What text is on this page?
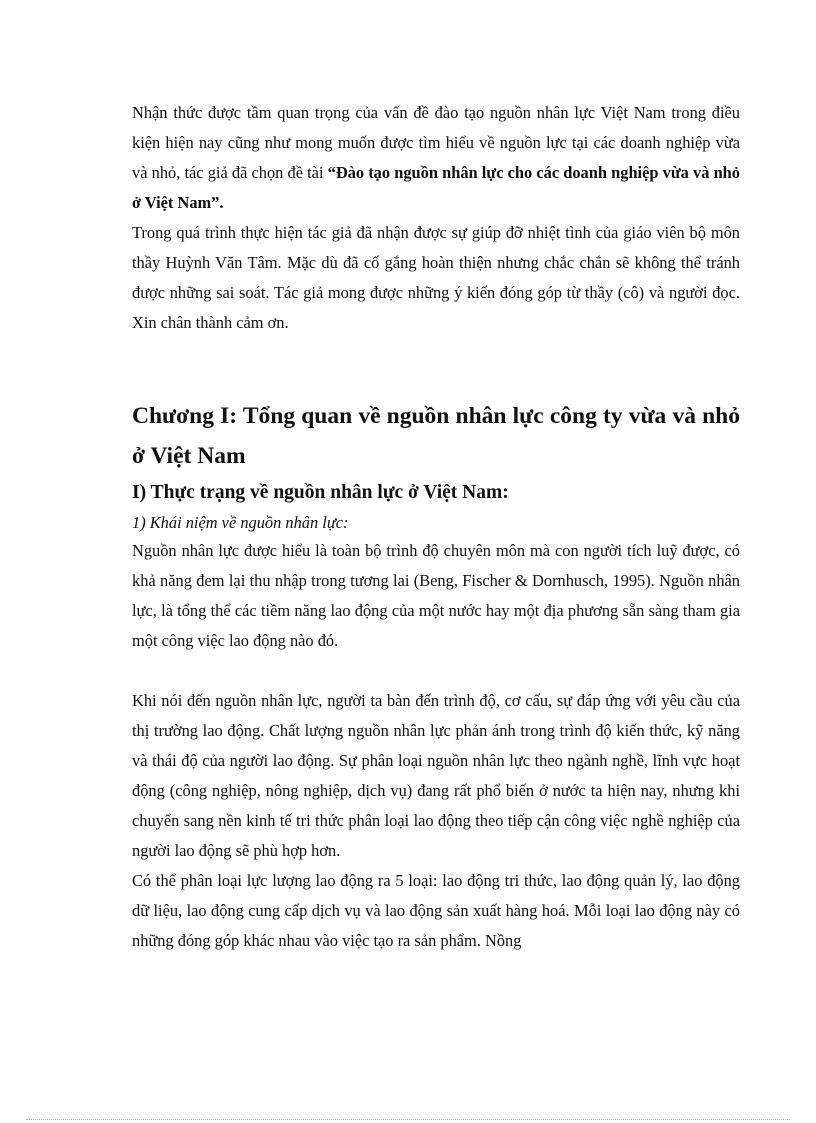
Nhận thức được tầm quan trọng của vấn đề đào tạo nguồn nhân lực Việt Nam trong điều kiện hiện nay cũng như mong muốn được tìm hiểu về nguồn lực tại các doanh nghiệp vừa và nhỏ, tác giả đã chọn đề tài “Đào tạo nguồn nhân lực cho các doanh nghiệp vừa và nhỏ ở Việt Nam”.

Trong quá trình thực hiện tác giả đã nhận được sự giúp đỡ nhiệt tình của giáo viên bộ môn thầy Huỳnh Văn Tâm. Mặc dù đã cố gắng hoàn thiện nhưng chắc chắn sẽ không thể tránh được những sai soát. Tác giả mong được những ý kiến đóng góp từ thầy (cô) và người đọc. Xin chân thành cảm ơn.

Chương I: Tổng quan về nguồn nhân lực công ty vừa và nhỏ ở Việt Nam
I) Thực trạng về nguồn nhân lực ở Việt Nam:
1) Khái niệm về nguồn nhân lực:

Nguồn nhân lực được hiểu là toàn bộ trình độ chuyên môn mà con người tích luỹ được, có khả năng đem lại thu nhập trong tương lai (Beng, Fischer & Dornhusch, 1995). Nguồn nhân lực, là tổng thể các tiềm năng lao động của một nước hay một địa phương sẵn sàng tham gia một công việc lao động nào đó.

Khi nói đến nguồn nhân lực, người ta bàn đến trình độ, cơ cấu, sự đáp ứng với yêu cầu của thị trường lao động. Chất lượng nguồn nhân lực phản ánh trong trình độ kiến thức, kỹ năng và thái độ của người lao động. Sự phân loại nguồn nhân lực theo ngành nghề, lĩnh vực hoạt động (công nghiệp, nông nghiệp, dịch vụ) đang rất phổ biến ở nước ta hiện nay, nhưng khi chuyển sang nền kinh tế tri thức phân loại lao động theo tiếp cận công việc nghề nghiệp của người lao động sẽ phù hợp hơn.

Có thể phân loại lực lượng lao động ra 5 loại: lao động tri thức, lao động quản lý, lao động dữ liệu, lao động cung cấp dịch vụ và lao động sản xuất hàng hoá. Mỗi loại lao động này có những đóng góp khác nhau vào việc tạo ra sản phẩm. Nồng
